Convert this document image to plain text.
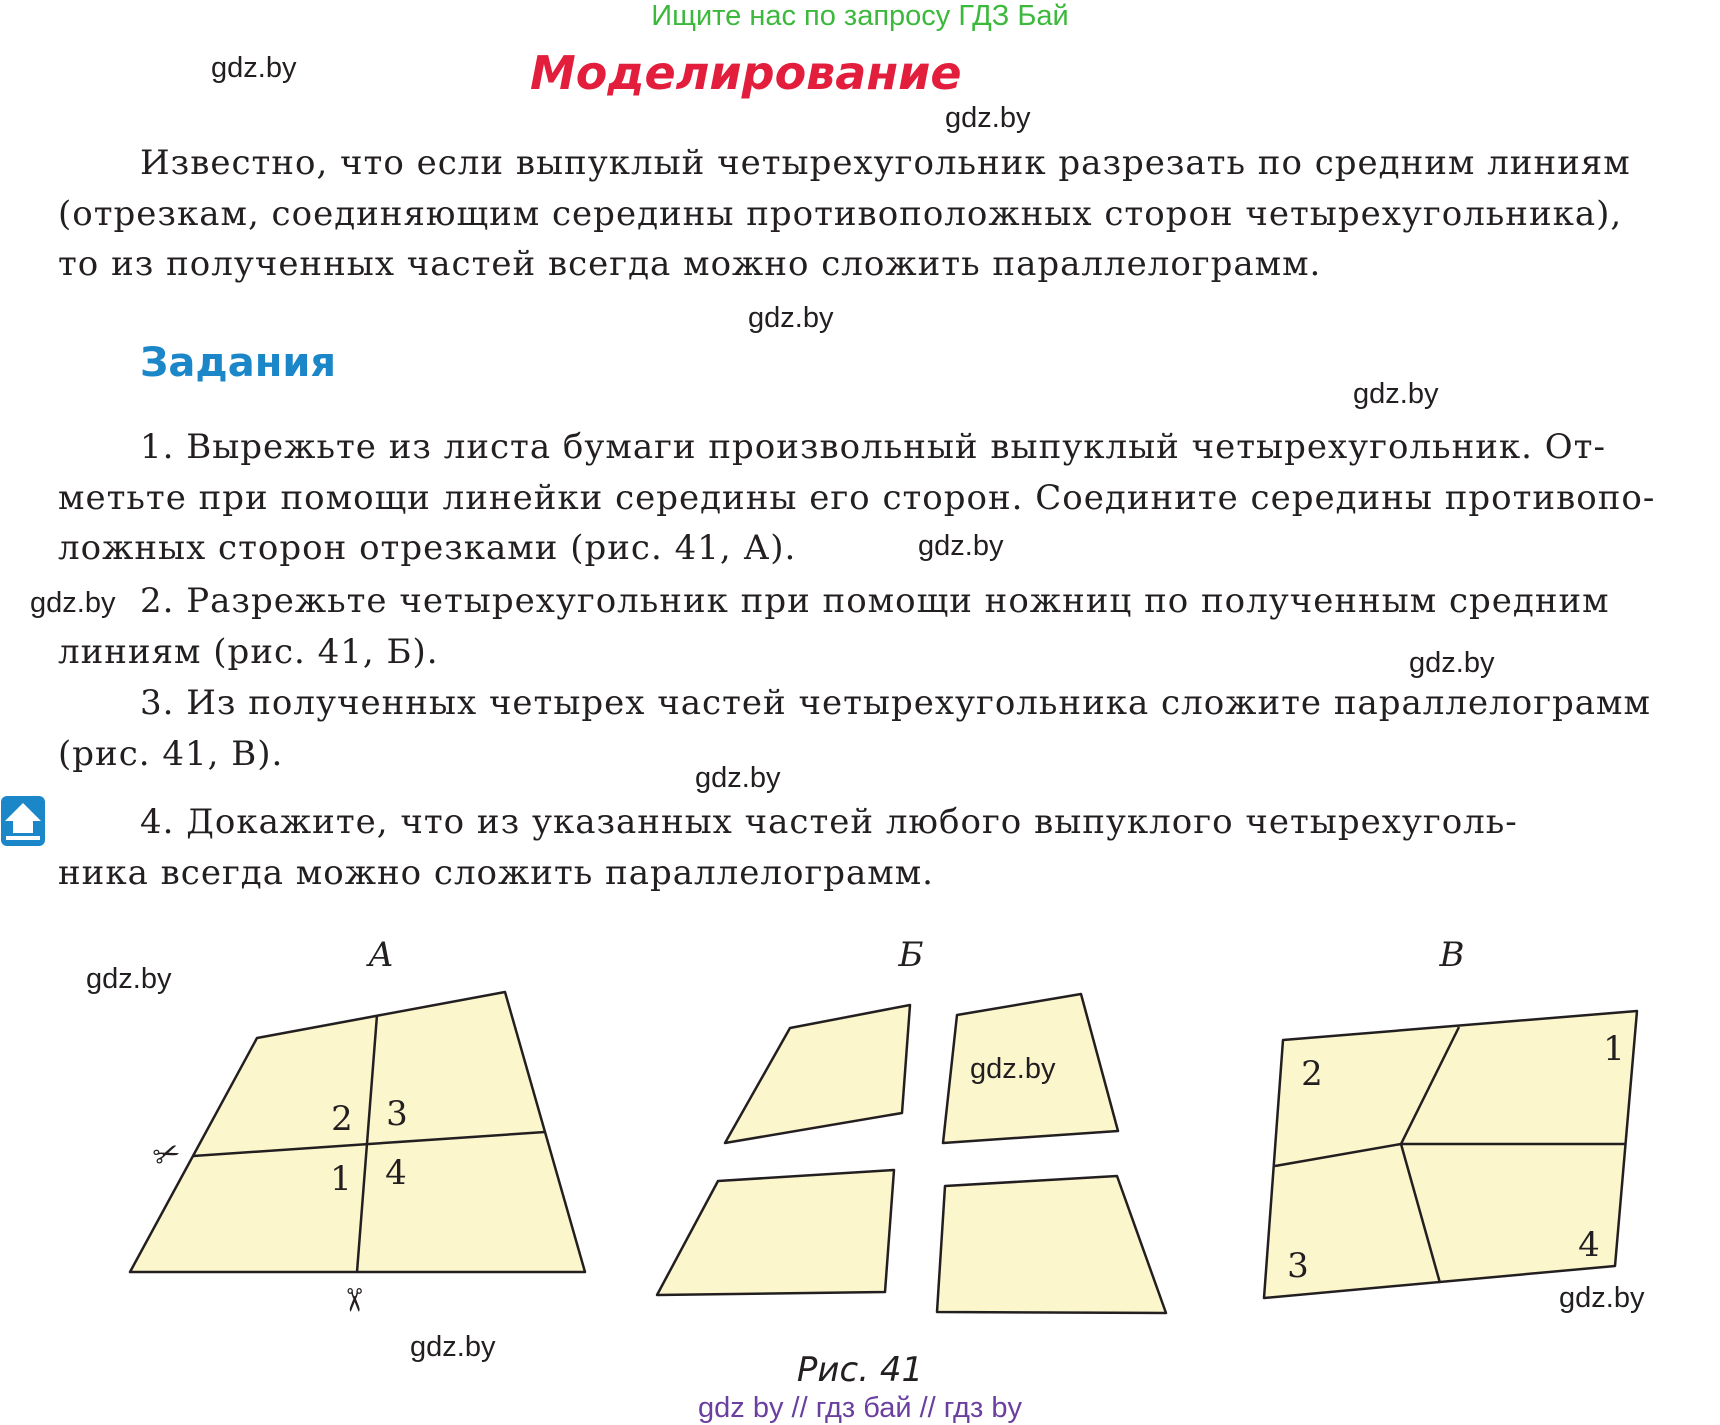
Ищите нас по запросу ГДЗ Бай
gdz.by	Моделирование
gdz.by
Известно, что если выпуклый четырехугольник разрезать по средним линиям
(отрезкам, соединяющим середины противоположных сторон четырехугольника),
то из полученных частей всегда можно сложить параллелограмм.
gdz.by
Задания
gdz.by
1. Вырежьте из листа бумаги произвольный выпуклый четырехугольник. От-
метьте при помощи линейки середины его сторон. Соедините середины противопо-
ложных сторон отрезками (рис. 41, А).	gdz.by
gdz.by 2. Разрежьте четырехугольник при помощи ножниц по полученным средним
линиям (рис. 41, Б).	gdz.by
3. Из полученных четырех частей четырехугольника сложите параллелограмм
(рис. 41, В).
gdz.by
4. Докажите, что из указанных частей любого выпуклого четырехуголь-
ника всегда можно сложить параллелограмм.
gdz.by
А	Б	В
2 3
1 4
2
1
3
4
✂
✂
gdz.by
gdz.by
gdz.by
Рис. 41
gdz by // гдз бай // гдз by
